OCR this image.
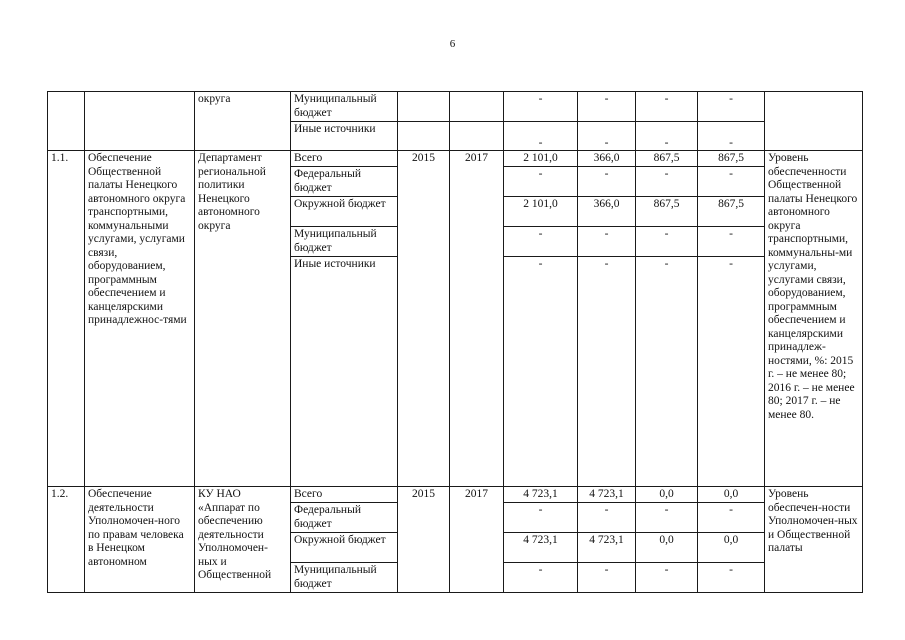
6
		округа	Муниципальный бюджет			-	-	-	-	
			Иные источники			-	-	-	-	
1.1.	Обеспечение Общественной палаты Ненецкого автономного округа транспортными, коммунальными услугами, услугами связи, оборудованием, программным обеспечением и канцелярскими принадлежнос-тями	Департамент региональной политики Ненецкого автономного округа	Всего	2015	2017	2 101,0	366,0	867,5	867,5	Уровень обеспеченности Общественной палаты Ненецкого автономного округа транспортными, коммунальны-ми услугами, услугами связи, оборудованием, программным обеспечением и канцелярскими принадлеж-ностями, %: 2015 г. – не менее 80; 2016 г. – не менее 80; 2017 г. – не менее 80.
			Федеральный бюджет			-	-	-	-	
			Окружной бюджет			2 101,0	366,0	867,5	867,5	
			Муниципальный бюджет			-	-	-	-	
			Иные источники			-	-	-	-	
1.2.	Обеспечение деятельности Уполномочен-ного по правам человека в Ненецком автономном	КУ НАО «Аппарат по обеспечению деятельности Уполномочен-ных и Общественной	Всего	2015	2017	4 723,1	4 723,1	0,0	0,0	Уровень обеспечен-ности Уполномочен-ных и Общественной палаты
			Федеральный бюджет			-	-	-	-	
			Окружной бюджет			4 723,1	4 723,1	0,0	0,0	
			Муниципальный бюджет			-	-	-	-	
